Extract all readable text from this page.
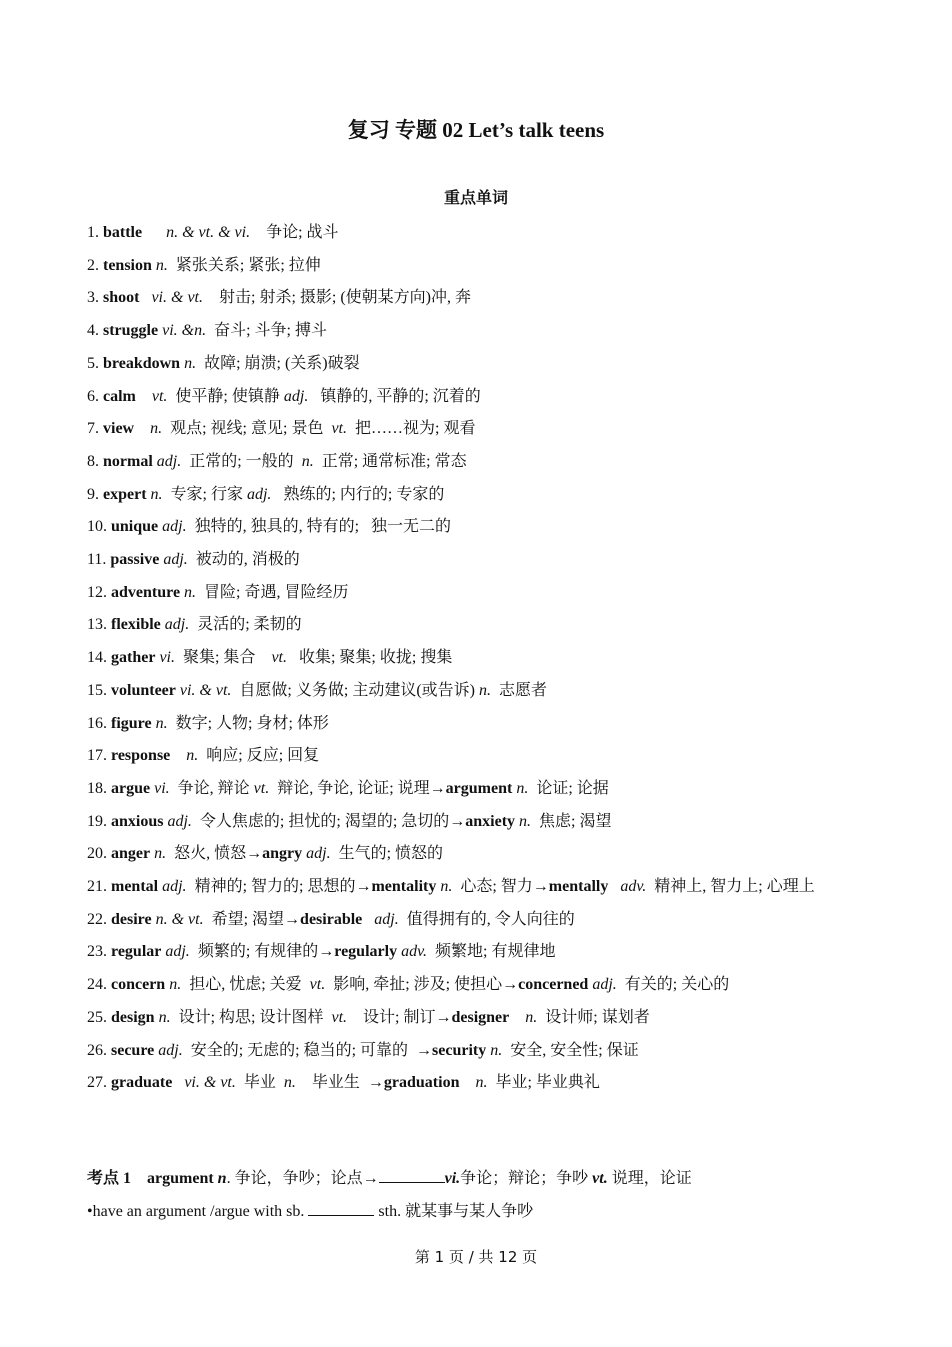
复习 专题 02 Let’s talk teens
重点单词

1. battle      n. & vt. & vi.    争论; 战斗

2. tension n.  紧张关系; 紧张; 拉伸

3. shoot   vi. & vt.    射击; 射杀; 摄影; (使朝某方向)冲, 奔

4. struggle vi. &n.  奋斗; 斗争; 搏斗

5. breakdown n.  故障; 崩溃; (关系)破裂

6. calm    vt.  使平静; 使镇静 adj.   镇静的, 平静的; 沉着的

7. view    n.  观点; 视线; 意见; 景色  vt.  把……视为; 观看

8. normal adj.  正常的; 一般的  n.  正常; 通常标准; 常态

9. expert n.  专家; 行家 adj.   熟练的; 内行的; 专家的

10. unique adj.  独特的, 独具的, 特有的;   独一无二的

11. passive adj.  被动的, 消极的

12. adventure n.  冒险; 奇遇, 冒险经历

13. flexible adj.  灵活的; 柔韧的

14. gather vi.  聚集; 集合    vt.   收集; 聚集; 收拢; 搜集

15. volunteer vi. & vt.  自愿做; 义务做; 主动建议(或告诉) n.  志愿者

16. figure n.  数字; 人物; 身材; 体形

17. response    n.  响应; 反应; 回复

18. argue vi.  争论, 辩论 vt.  辩论, 争论, 论证; 说理→argument n.  论证; 论据

19. anxious adj.  令人焦虑的; 担忧的; 渴望的; 急切的→anxiety n.  焦虑; 渴望

20. anger n.  怒火, 愤怒→angry adj.  生气的; 愤怒的

21. mental adj.  精神的; 智力的; 思想的→mentality n.  心态; 智力→mentally   adv.  精神上, 智力上; 心理上

22. desire n. & vt.  希望; 渴望→desirable   adj.  值得拥有的, 令人向往的

23. regular adj.  频繁的; 有规律的→regularly adv.  频繁地; 有规律地

24. concern n.  担心, 忧虑; 关爱  vt.  影响, 牵扯; 涉及; 使担心→concerned adj.  有关的; 关心的

25. design n.  设计; 构思; 设计图样  vt.    设计; 制订→designer    n.  设计师; 谋划者

26. secure adj.  安全的; 无虑的; 稳当的; 可靠的  →security n.  安全, 安全性; 保证

27. graduate   vi. & vt.  毕业  n.    毕业生  →graduation    n.  毕业; 毕业典礼

考点 1 argument n. 争论，争吵；论点→	vi.争论；辩论；争吵 vt. 说理，论证
•have an argument /argue with sb.	sth. 就某事与某人争吵
第 1 页 / 共 12 页
